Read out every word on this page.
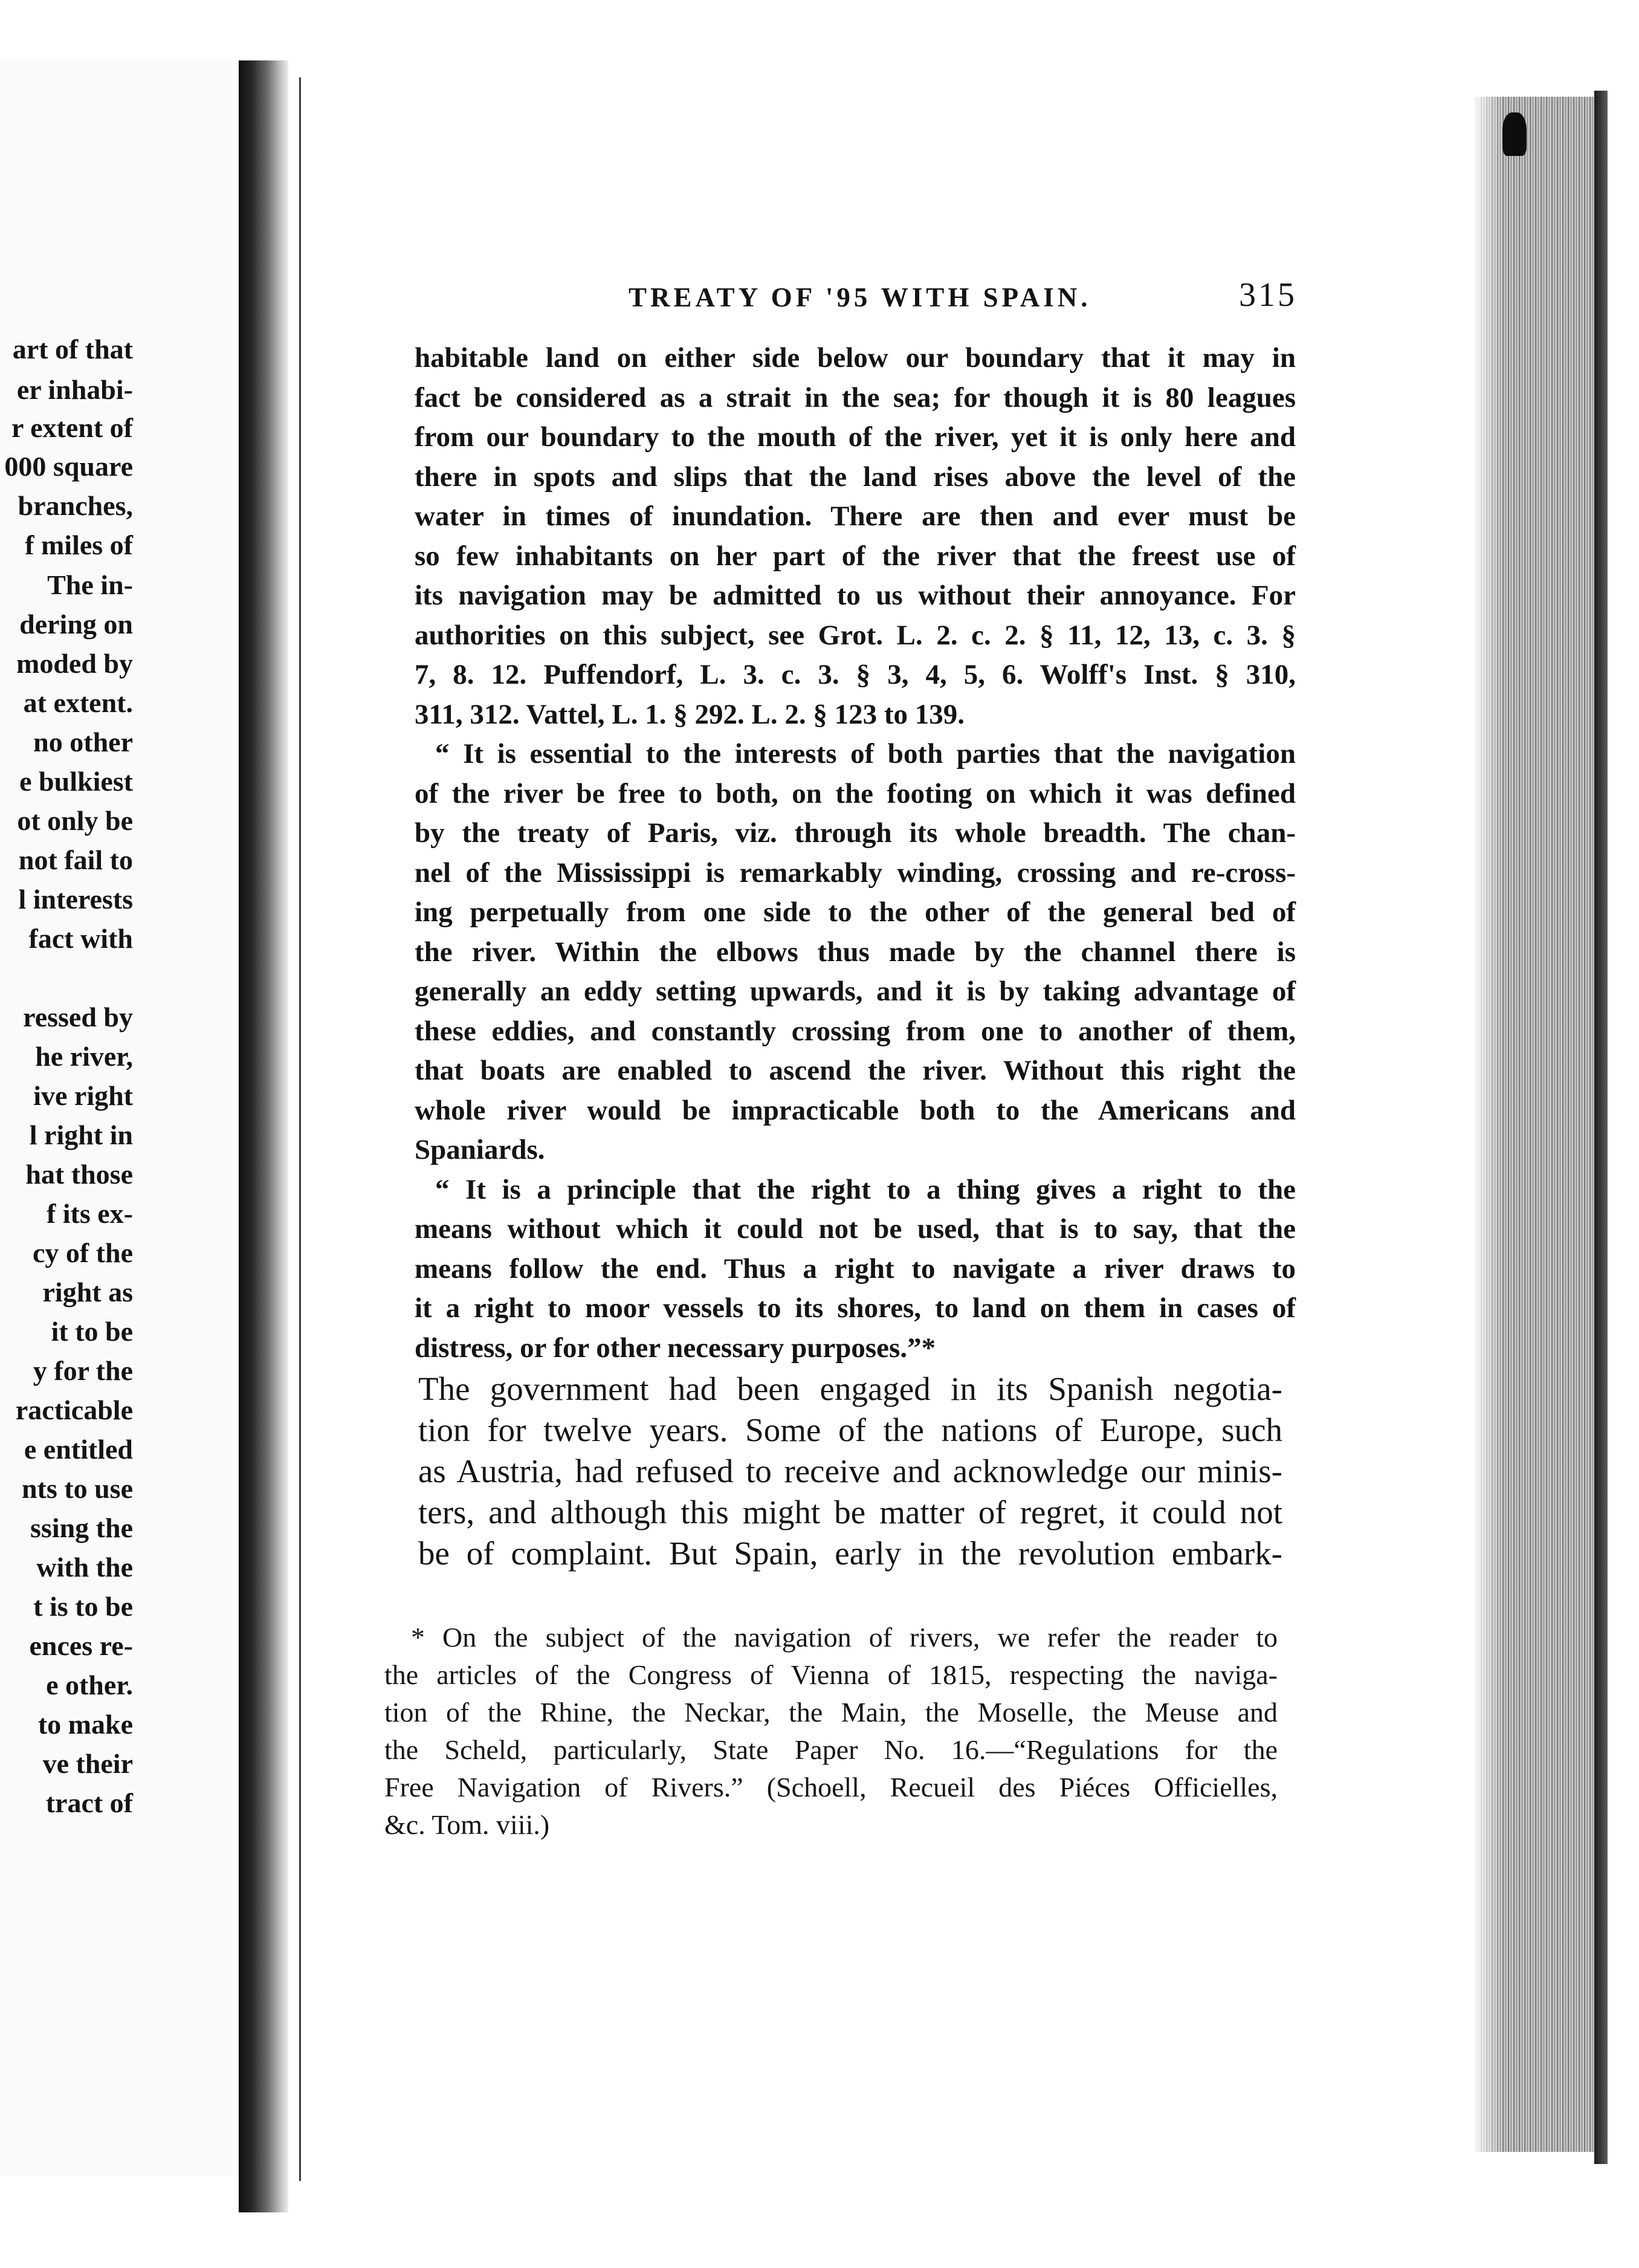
art of that
er inhabi-
r extent of
000 square
branches,
f miles of
The in-
dering on
moded by
at extent.
no other
e bulkiest
ot only be
not fail to
l interests
fact with
ressed by
he river,
ive right
l right in
hat those
f its ex-
cy of the
right as
it to be
y for the
racticable
e entitled
nts to use
ssing the
with the
t is to be
ences re-
e other.
to make
ve their
tract of
TREATY OF '95 WITH SPAIN.	315
habitable land on either side below our boundary that it may in
fact be considered as a strait in the sea; for though it is 80 leagues
from our boundary to the mouth of the river, yet it is only here and
there in spots and slips that the land rises above the level of the
water in times of inundation. There are then and ever must be
so few inhabitants on her part of the river that the freest use of
its navigation may be admitted to us without their annoyance. For
authorities on this subject, see Grot. L. 2. c. 2. § 11, 12, 13, c. 3. §
7, 8. 12. Puffendorf, L. 3. c. 3. § 3, 4, 5, 6. Wolff's Inst. § 310,
311, 312. Vattel, L. 1. § 292. L. 2. § 123 to 139.
“ It is essential to the interests of both parties that the navigation
of the river be free to both, on the footing on which it was defined
by the treaty of Paris, viz. through its whole breadth. The chan-
nel of the Mississippi is remarkably winding, crossing and re-cross-
ing perpetually from one side to the other of the general bed of
the river. Within the elbows thus made by the channel there is
generally an eddy setting upwards, and it is by taking advantage of
these eddies, and constantly crossing from one to another of them,
that boats are enabled to ascend the river. Without this right the
whole river would be impracticable both to the Americans and
Spaniards.
“ It is a principle that the right to a thing gives a right to the
means without which it could not be used, that is to say, that the
means follow the end. Thus a right to navigate a river draws to
it a right to moor vessels to its shores, to land on them in cases of
distress, or for other necessary purposes.”*
The government had been engaged in its Spanish negotia-
tion for twelve years. Some of the nations of Europe, such
as Austria, had refused to receive and acknowledge our minis-
ters, and although this might be matter of regret, it could not
be of complaint. But Spain, early in the revolution embark-
* On the subject of the navigation of rivers, we refer the reader to
the articles of the Congress of Vienna of 1815, respecting the naviga-
tion of the Rhine, the Neckar, the Main, the Moselle, the Meuse and
the Scheld, particularly, State Paper No. 16.—“Regulations for the
Free Navigation of Rivers.” (Schoell, Recueil des Piéces Officielles,
&c. Tom. viii.)
